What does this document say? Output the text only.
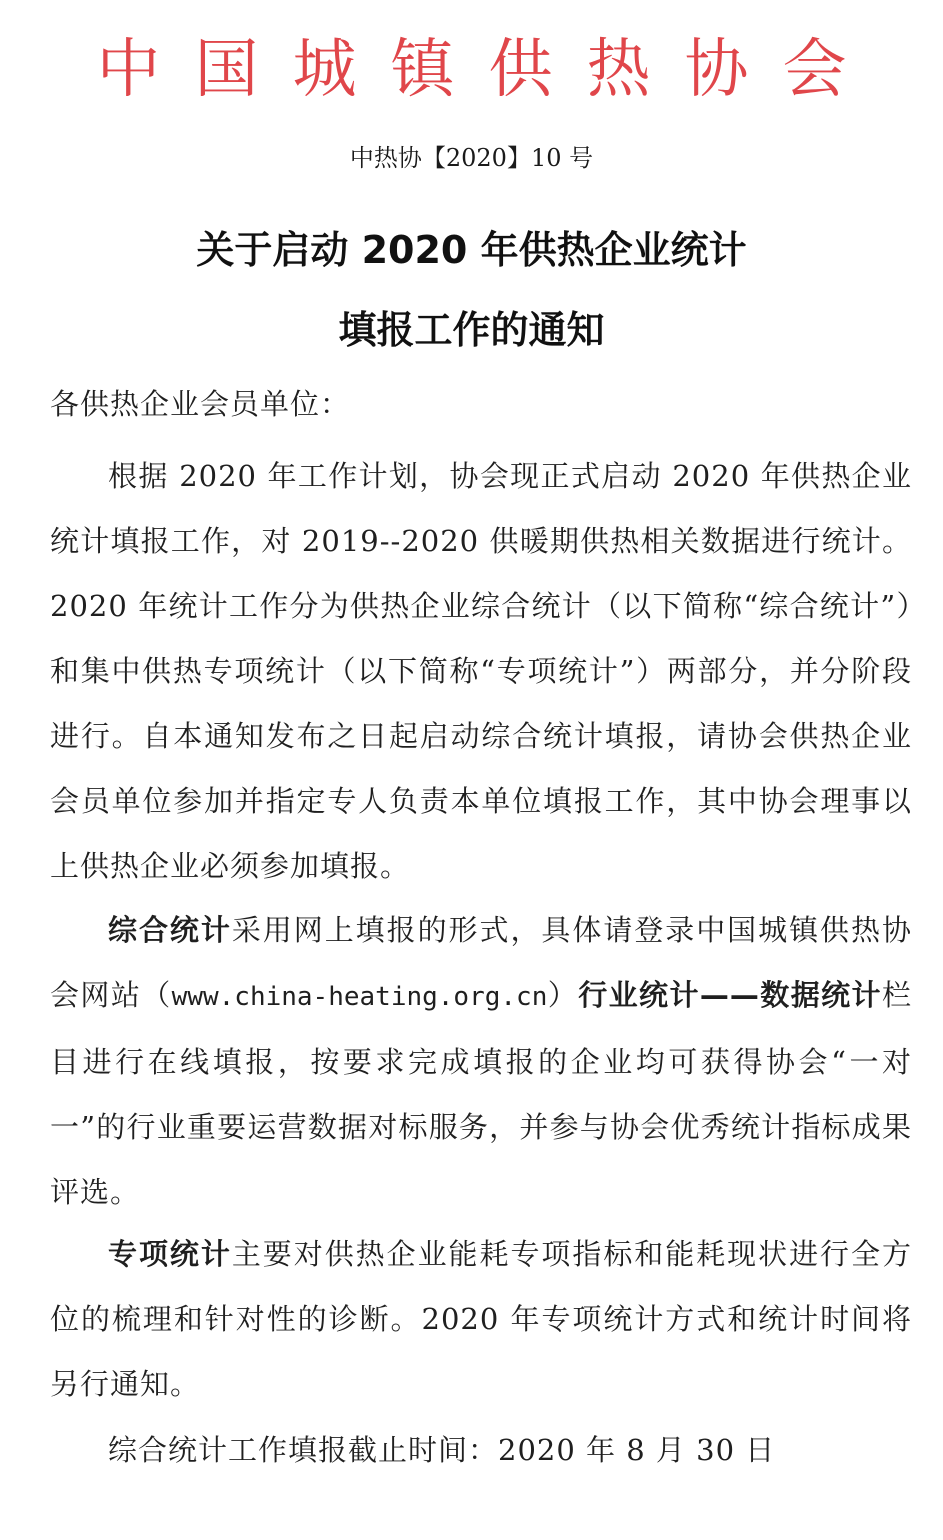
中国城镇供热协会
中热协【2020】10 号
关于启动 2020 年供热企业统计
填报工作的通知
各供热企业会员单位：
根据 2020 年工作计划，协会现正式启动 2020 年供热企业统计填报工作，对 2019--2020 供暖期供热相关数据进行统计。2020 年统计工作分为供热企业综合统计（以下简称“综合统计”）和集中供热专项统计（以下简称“专项统计”）两部分，并分阶段进行。自本通知发布之日起启动综合统计填报，请协会供热企业会员单位参加并指定专人负责本单位填报工作，其中协会理事以上供热企业必须参加填报。
综合统计采用网上填报的形式，具体请登录中国城镇供热协会网站（www.china-heating.org.cn）行业统计——数据统计栏目进行在线填报，按要求完成填报的企业均可获得协会“一对一”的行业重要运营数据对标服务，并参与协会优秀统计指标成果评选。
专项统计主要对供热企业能耗专项指标和能耗现状进行全方位的梳理和针对性的诊断。2020 年专项统计方式和统计时间将另行通知。
综合统计工作填报截止时间：2020 年 8 月 30 日
